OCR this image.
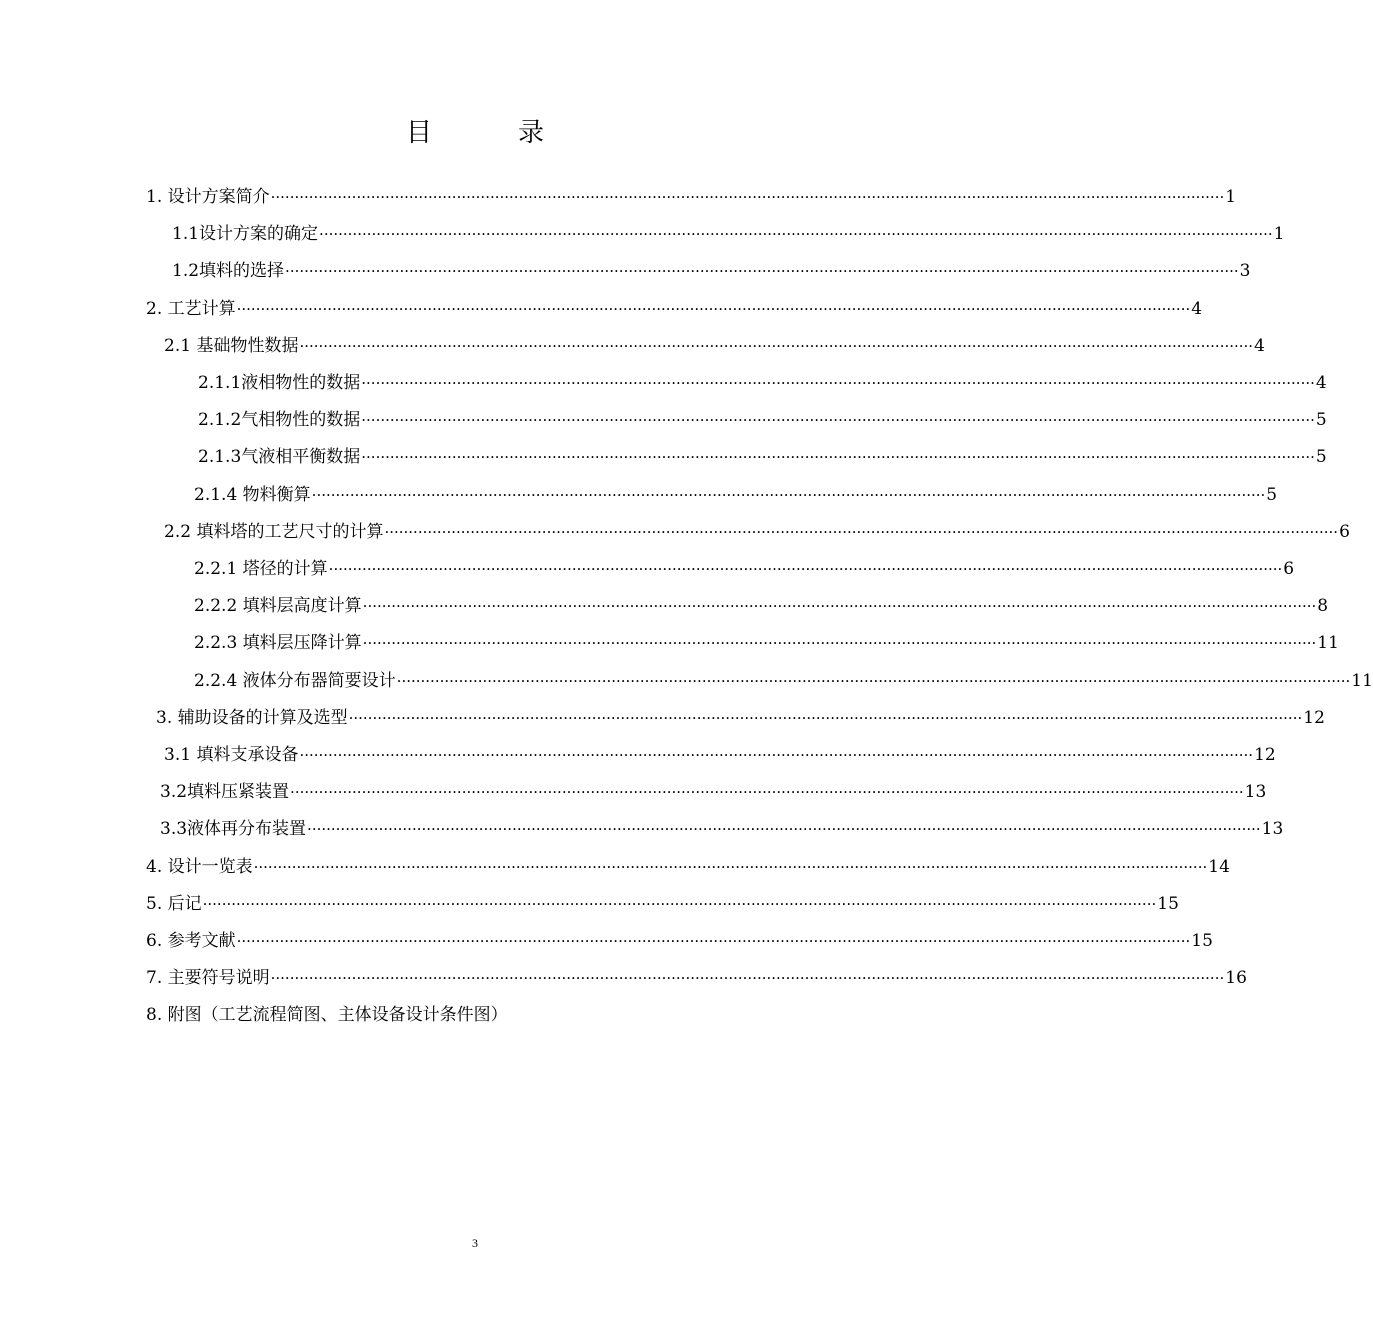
目　录
1. 设计方案简介 ········································································································································································································ 1
1.1设计方案的确定 ········································································································································································································ 1
1.2填料的选择 ········································································································································································································ 3
2. 工艺计算 ········································································································································································································ 4
2.1 基础物性数据 ········································································································································································································ 4
2.1.1液相物性的数据 ········································································································································································································ 4
2.1.2气相物性的数据 ········································································································································································································ 5
2.1.3气液相平衡数据 ········································································································································································································ 5
2.1.4 物料衡算 ········································································································································································································ 5
2.2 填料塔的工艺尺寸的计算 ········································································································································································································ 6
2.2.1 塔径的计算 ········································································································································································································ 6
2.2.2 填料层高度计算 ········································································································································································································ 8
2.2.3 填料层压降计算 ········································································································································································································ 11
2.2.4 液体分布器简要设计 ········································································································································································································ 11
3. 辅助设备的计算及选型 ········································································································································································································ 12
3.1 填料支承设备 ········································································································································································································ 12
3.2填料压紧装置 ········································································································································································································ 13
3.3液体再分布装置 ········································································································································································································ 13
4. 设计一览表 ········································································································································································································ 14
5. 后记 ········································································································································································································ 15
6. 参考文献 ········································································································································································································ 15
7. 主要符号说明 ········································································································································································································ 16
8. 附图（工艺流程简图、主体设备设计条件图）
3
